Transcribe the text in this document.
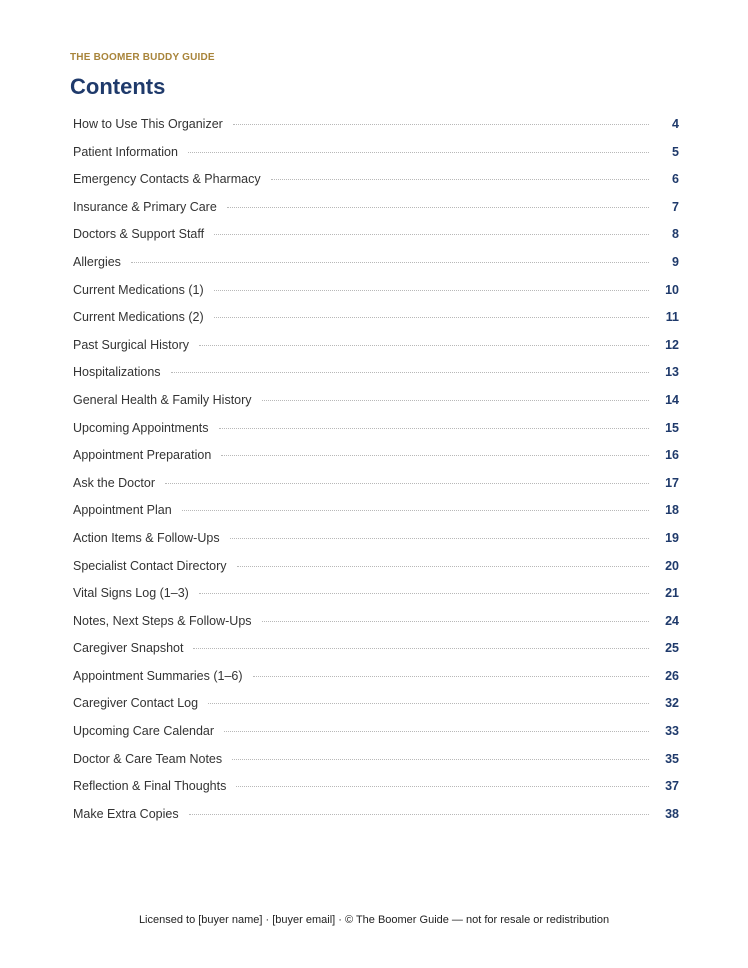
THE BOOMER BUDDY GUIDE
Contents
How to Use This Organizer	4
Patient Information	5
Emergency Contacts & Pharmacy	6
Insurance & Primary Care	7
Doctors & Support Staff	8
Allergies	9
Current Medications (1)	10
Current Medications (2)	11
Past Surgical History	12
Hospitalizations	13
General Health & Family History	14
Upcoming Appointments	15
Appointment Preparation	16
Ask the Doctor	17
Appointment Plan	18
Action Items & Follow-Ups	19
Specialist Contact Directory	20
Vital Signs Log (1–3)	21
Notes, Next Steps & Follow-Ups	24
Caregiver Snapshot	25
Appointment Summaries (1–6)	26
Caregiver Contact Log	32
Upcoming Care Calendar	33
Doctor & Care Team Notes	35
Reflection & Final Thoughts	37
Make Extra Copies	38
Licensed to [buyer name] · [buyer email] · © The Boomer Guide — not for resale or redistribution
